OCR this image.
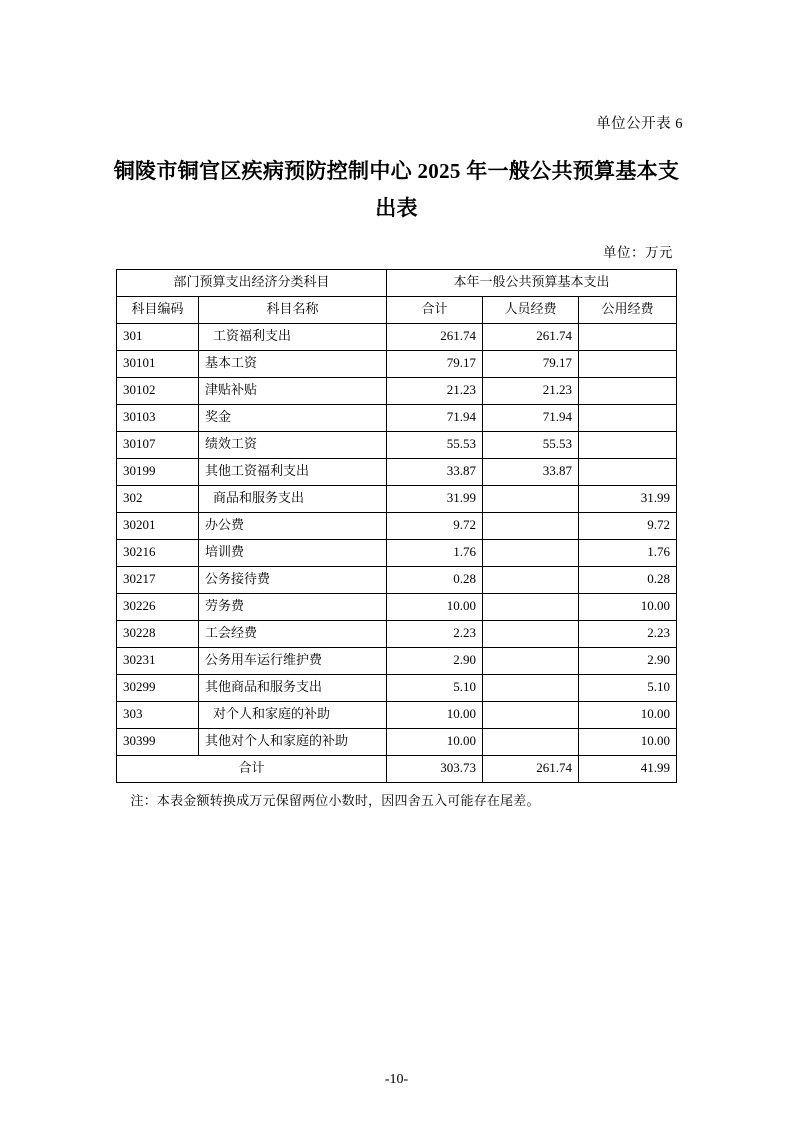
单位公开表 6
铜陵市铜官区疾病预防控制中心 2025 年一般公共预算基本支出表
单位：万元
部门预算支出经济分类科目		本年一般公共预算基本支出		
科目编码	科目名称	合计	人员经费	公用经费
301	工资福利支出	261.74	261.74	
30101	基本工资	79.17	79.17	
30102	津贴补贴	21.23	21.23	
30103	奖金	71.94	71.94	
30107	绩效工资	55.53	55.53	
30199	其他工资福利支出	33.87	33.87	
302	商品和服务支出	31.99		31.99
30201	办公费	9.72		9.72
30216	培训费	1.76		1.76
30217	公务接待费	0.28		0.28
30226	劳务费	10.00		10.00
30228	工会经费	2.23		2.23
30231	公务用车运行维护费	2.90		2.90
30299	其他商品和服务支出	5.10		5.10
303	对个人和家庭的补助	10.00		10.00
30399	其他对个人和家庭的补助	10.00		10.00
合计		303.73	261.74	41.99
注：本表金额转换成万元保留两位小数时，因四舍五入可能存在尾差。
-10-
